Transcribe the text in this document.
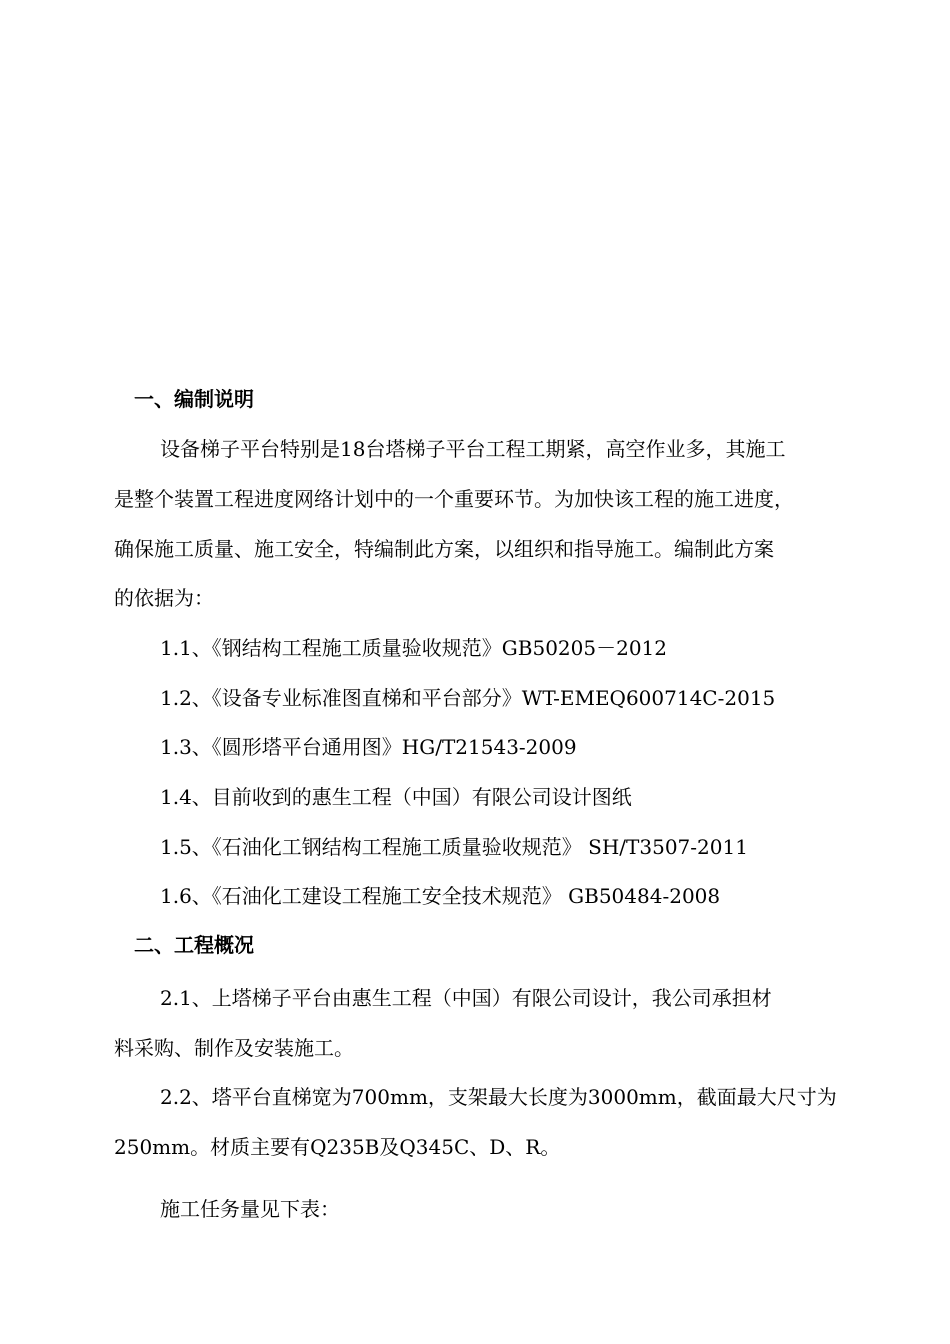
一、编制说明
设备梯子平台特别是18台塔梯子平台工程工期紧，高空作业多，其施工
是整个装置工程进度网络计划中的一个重要环节。为加快该工程的施工进度，
确保施工质量、施工安全，特编制此方案，以组织和指导施工。编制此方案
的依据为：
1.1、《钢结构工程施工质量验收规范》GB50205－2012
1.2、《设备专业标准图直梯和平台部分》WT-EMEQ600714C-2015
1.3、《圆形塔平台通用图》HG/T21543-2009
1.4、目前收到的惠生工程（中国）有限公司设计图纸
1.5、《石油化工钢结构工程施工质量验收规范》 SH/T3507-2011
1.6、《石油化工建设工程施工安全技术规范》 GB50484-2008
二、工程概况
2.1、上塔梯子平台由惠生工程（中国）有限公司设计，我公司承担材
料采购、制作及安装施工。
2.2、塔平台直梯宽为700mm，支架最大长度为3000mm，截面最大尺寸为
250mm。材质主要有Q235B及Q345C、D、R。
施工任务量见下表：
